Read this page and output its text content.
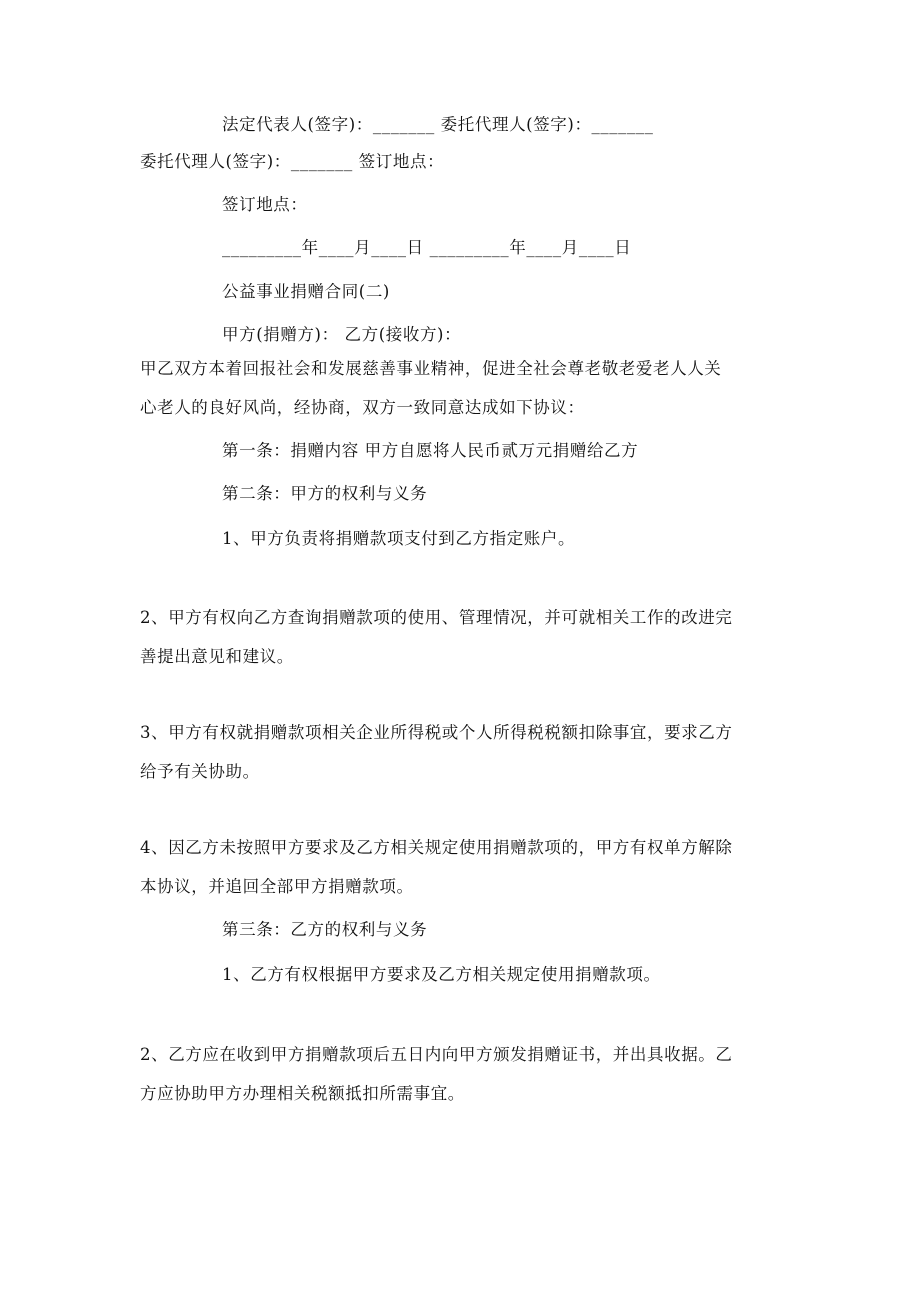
法定代表人(签字)：_______ 委托代理人(签字)：_______
委托代理人(签字)：_______ 签订地点：
签订地点：
_________年____月____日 _________年____月____日
公益事业捐赠合同(二)
甲方(捐赠方)： 乙方(接收方)：
甲乙双方本着回报社会和发展慈善事业精神，促进全社会尊老敬老爱老人人关
心老人的良好风尚，经协商，双方一致同意达成如下协议：
第一条：捐赠内容 甲方自愿将人民币贰万元捐赠给乙方
第二条：甲方的权利与义务
1、甲方负责将捐赠款项支付到乙方指定账户。
2、甲方有权向乙方查询捐赠款项的使用、管理情况，并可就相关工作的改进完
善提出意见和建议。
3、甲方有权就捐赠款项相关企业所得税或个人所得税税额扣除事宜，要求乙方
给予有关协助。
4、因乙方未按照甲方要求及乙方相关规定使用捐赠款项的，甲方有权单方解除
本协议，并追回全部甲方捐赠款项。
第三条：乙方的权利与义务
1、乙方有权根据甲方要求及乙方相关规定使用捐赠款项。
2、乙方应在收到甲方捐赠款项后五日内向甲方颁发捐赠证书，并出具收据。乙
方应协助甲方办理相关税额抵扣所需事宜。
